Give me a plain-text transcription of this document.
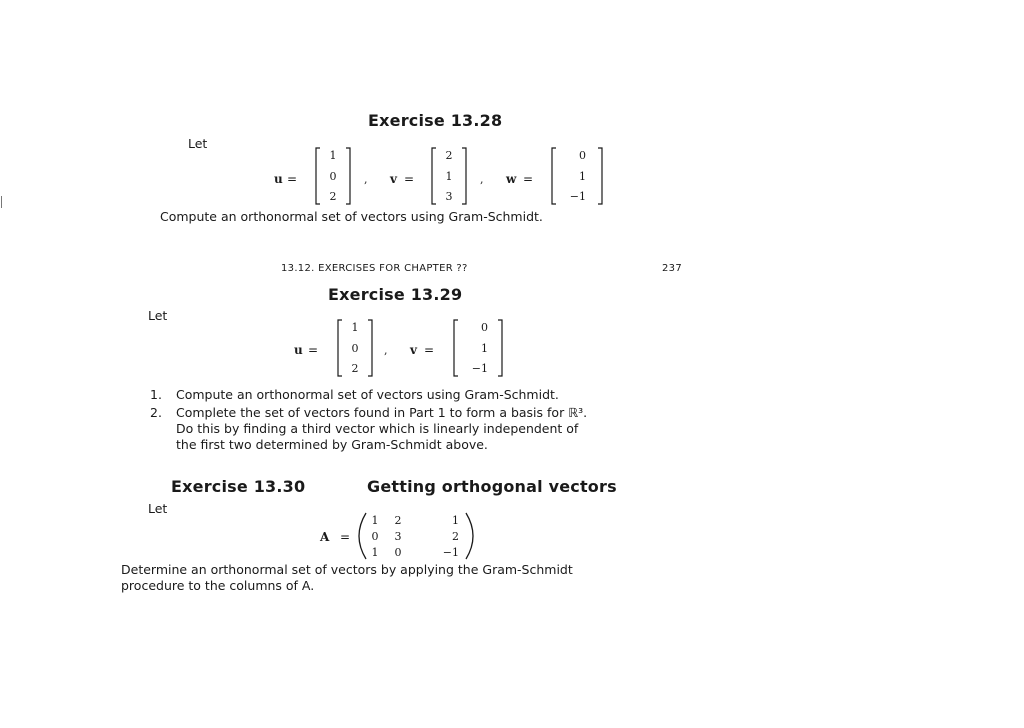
Exercise 13.28
Let
u =
1
0
2
, v =
2
1
3
, w =
0
1
−1
Compute an orthonormal set of vectors using Gram-Schmidt.
13.12. EXERCISES FOR CHAPTER ??	237
Exercise 13.29
Let
u =
1
0
2
, v =
0
1
−1
1. Compute an orthonormal set of vectors using Gram-Schmidt.
2. Complete the set of vectors found in Part 1 to form a basis for ℝ³.
Do this by finding a third vector which is linearly independent of
the first two determined by Gram-Schmidt above.
Exercise 13.30	Getting orthogonal vectors
Let
A =
1 2	1
0 3	2
1 0	−1
Determine an orthonormal set of vectors by applying the Gram-Schmidt
procedure to the columns of A.
